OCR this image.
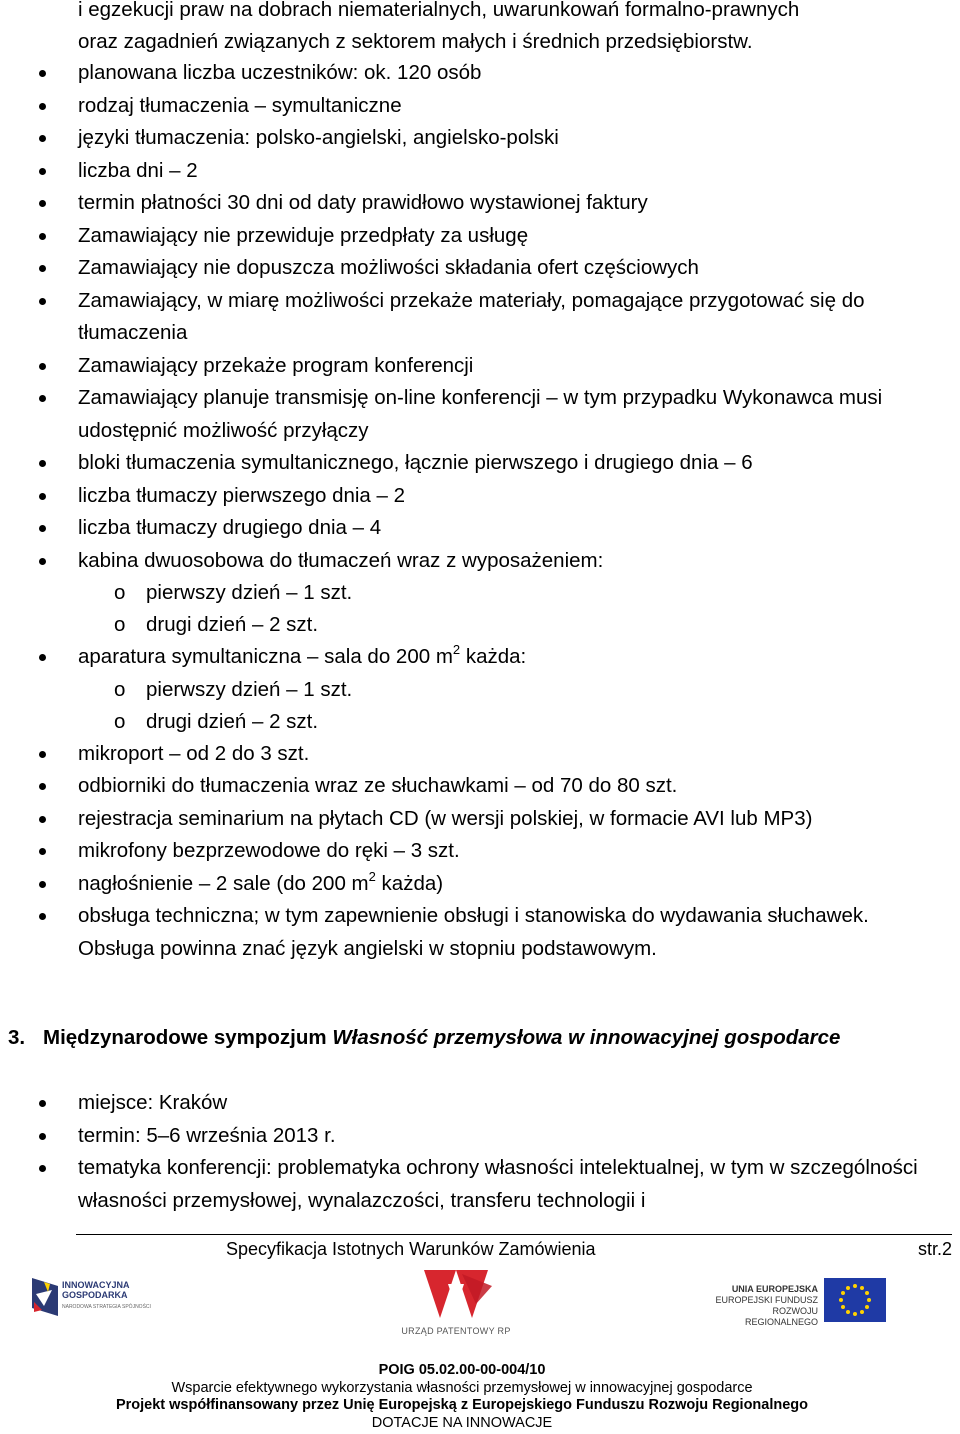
i egzekucji praw na dobrach niematerialnych, uwarunkowań formalno-prawnych
oraz zagadnień związanych z sektorem małych i średnich przedsiębiorstw.
planowana liczba uczestników: ok. 120 osób
rodzaj tłumaczenia – symultaniczne
języki tłumaczenia: polsko-angielski, angielsko-polski
liczba dni – 2
termin płatności 30 dni od daty prawidłowo wystawionej faktury
Zamawiający nie przewiduje przedpłaty za usługę
Zamawiający nie dopuszcza możliwości składania ofert częściowych
Zamawiający, w miarę możliwości przekaże materiały, pomagające przygotować się do tłumaczenia
Zamawiający przekaże program konferencji
Zamawiający planuje transmisję on-line konferencji – w tym przypadku Wykonawca musi udostępnić możliwość przyłączy
bloki tłumaczenia symultanicznego, łącznie pierwszego i drugiego dnia – 6
liczba tłumaczy pierwszego dnia – 2
liczba tłumaczy drugiego dnia – 4
kabina dwuosobowa do tłumaczeń wraz z wyposażeniem:
o pierwszy dzień – 1 szt.
o drugi dzień – 2 szt.
aparatura symultaniczna – sala do 200 $m^2$ każda:
o pierwszy dzień – 1 szt.
o drugi dzień – 2 szt.
mikroport – od 2 do 3 szt.
odbiorniki do tłumaczenia wraz ze słuchawkami – od 70 do 80 szt.
rejestracja seminarium na płytach CD (w wersji polskiej, w formacie AVI lub MP3)
mikrofony bezprzewodowe do ręki – 3 szt.
nagłośnienie – 2 sale (do 200 $m^2$ każda)
obsługa techniczna; w tym zapewnienie obsługi i stanowiska do wydawania słuchawek. Obsługa powinna znać język angielski w stopniu podstawowym.
3. Międzynarodowe sympozjum Własność przemysłowa w innowacyjnej gospodarce
miejsce: Kraków
termin: 5–6 września 2013 r.
tematyka konferencji: problematyka ochrony własności intelektualnej, w tym w szczególności własności przemysłowej, wynalazczości, transferu technologii i
Specyfikacja Istotnych Warunków Zamówienia	str.2
INNOWACYJNA
GOSPODARKA
NARODOWA STRATEGIA SPÓJNOŚCI
URZĄD PATENTOWY RP
UNIA EUROPEJSKA
EUROPEJSKI FUNDUSZ
ROZWOJU REGIONALNEGO
POIG 05.02.00-00-004/10
Wsparcie efektywnego wykorzystania własności przemysłowej w innowacyjnej gospodarce
Projekt współfinansowany przez Unię Europejską z Europejskiego Funduszu Rozwoju Regionalnego
DOTACJE NA INNOWACJE
